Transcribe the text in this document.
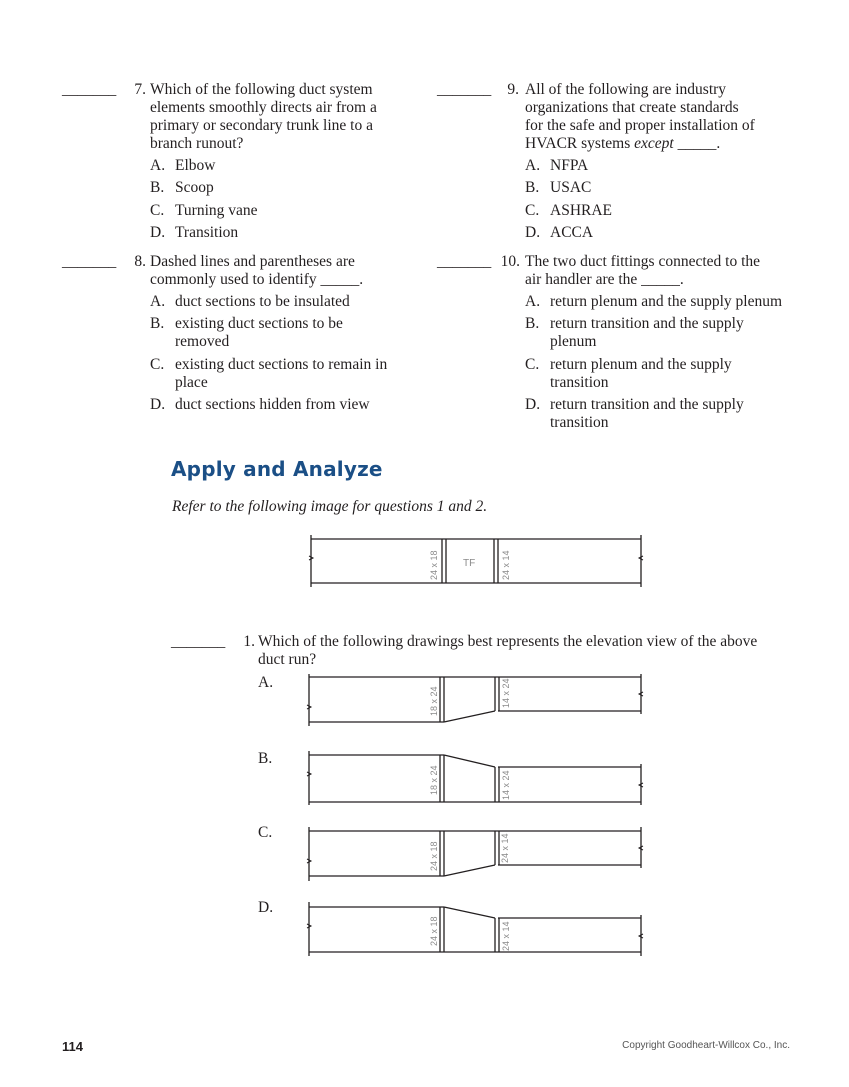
_______	7. Which of the following duct system
elements smoothly directs air from a
primary or secondary trunk line to a
branch runout?
A. Elbow
B. Scoop
C. Turning vane
D. Transition
_______	8. Dashed lines and parentheses are
commonly used to identify _____.
A. duct sections to be insulated
B. existing duct sections to be
removed
C. existing duct sections to remain in
place
D. duct sections hidden from view
_______	9. All of the following are industry
organizations that create standards
for the safe and proper installation of
HVACR systems except _____.
A. NFPA
B. USAC
C. ASHRAE
D. ACCA
_______ 10. The two duct fittings connected to the
air handler are the _____.
A. return plenum and the supply plenum
B. return transition and the supply
plenum
C. return plenum and the supply
transition
D. return transition and the supply
transition
Apply and Analyze
Refer to the following image for questions 1 and 2.
24 x 18 TF	24 x 14
_______	1. Which of the following drawings best represents the elevation view of the above
duct run?
A.
18 x 24	14 x 24
B.
18 x 24	14 x 24
C.
24 x 18	24 x 14
D.
24 x 18	24 x 14
114	Copyright Goodheart-Willcox Co., Inc.
